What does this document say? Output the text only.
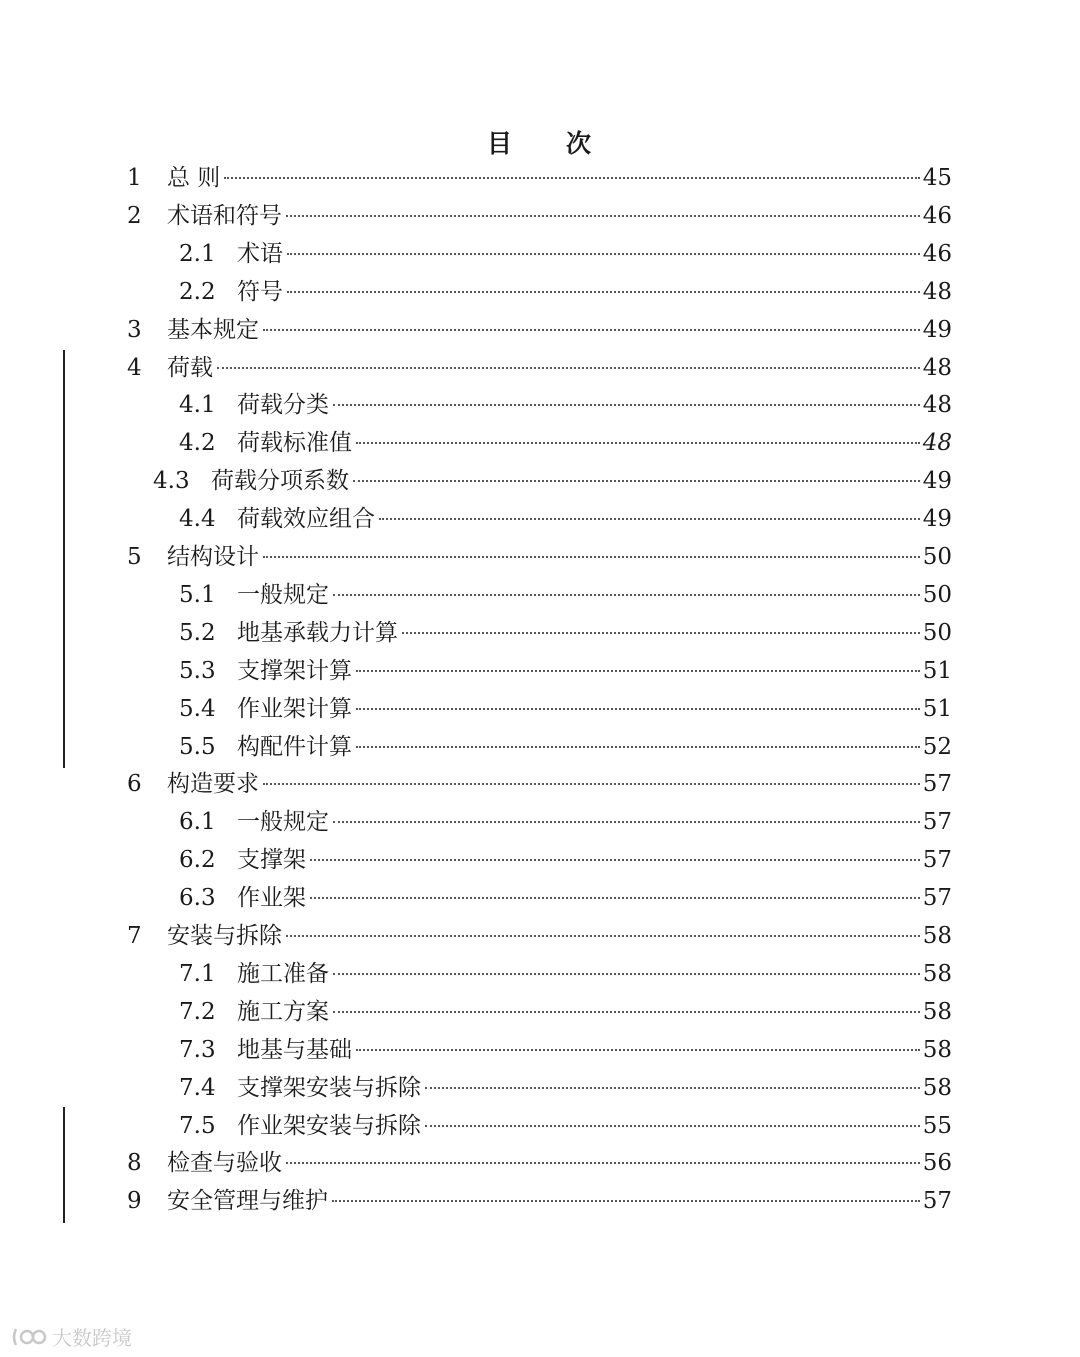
目 次
1	总 则	45
2	术语和符号	46
2.1 术语	46
2.2 符号	48
3	基本规定	49
4	荷载	48
4.1 荷载分类	48
4.2 荷载标准值	48
4.3 荷载分项系数	49
4.4 荷载效应组合	49
5	结构设计	50
5.1 一般规定	50
5.2 地基承载力计算	50
5.3 支撑架计算	51
5.4 作业架计算	51
5.5 构配件计算	52
6	构造要求	57
6.1 一般规定	57
6.2 支撑架	57
6.3 作业架	57
7	安装与拆除	58
7.1 施工准备	58
7.2 施工方案	58
7.3 地基与基础	58
7.4 支撑架安装与拆除	58
7.5 作业架安装与拆除	55
8	检查与验收	56
9	安全管理与维护	57
大数跨境
